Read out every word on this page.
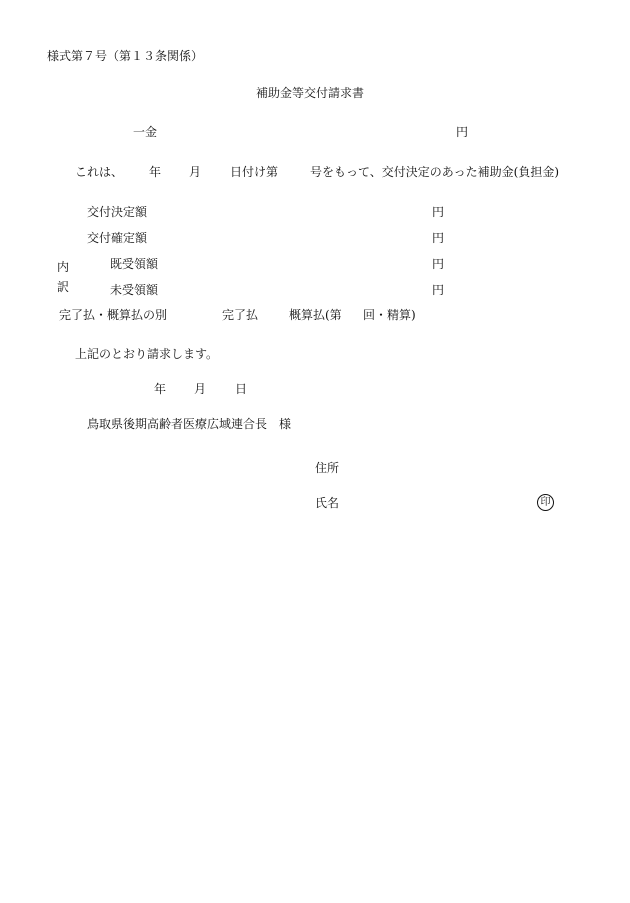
様式第７号（第１３条関係）
補助金等交付請求書
一金	円
これは、 年 月 日付け第	号をもって、交付決定のあった補助金(負担金)
交付決定額	円
交付確定額	円
既受領額	円
未受領額	円
内
訳
完了払・概算払の別	完了払	概算払(第 回・精算)
上記のとおり請求します。
年 月 日
鳥取県後期高齢者医療広域連合長　様
住所
氏名	印
